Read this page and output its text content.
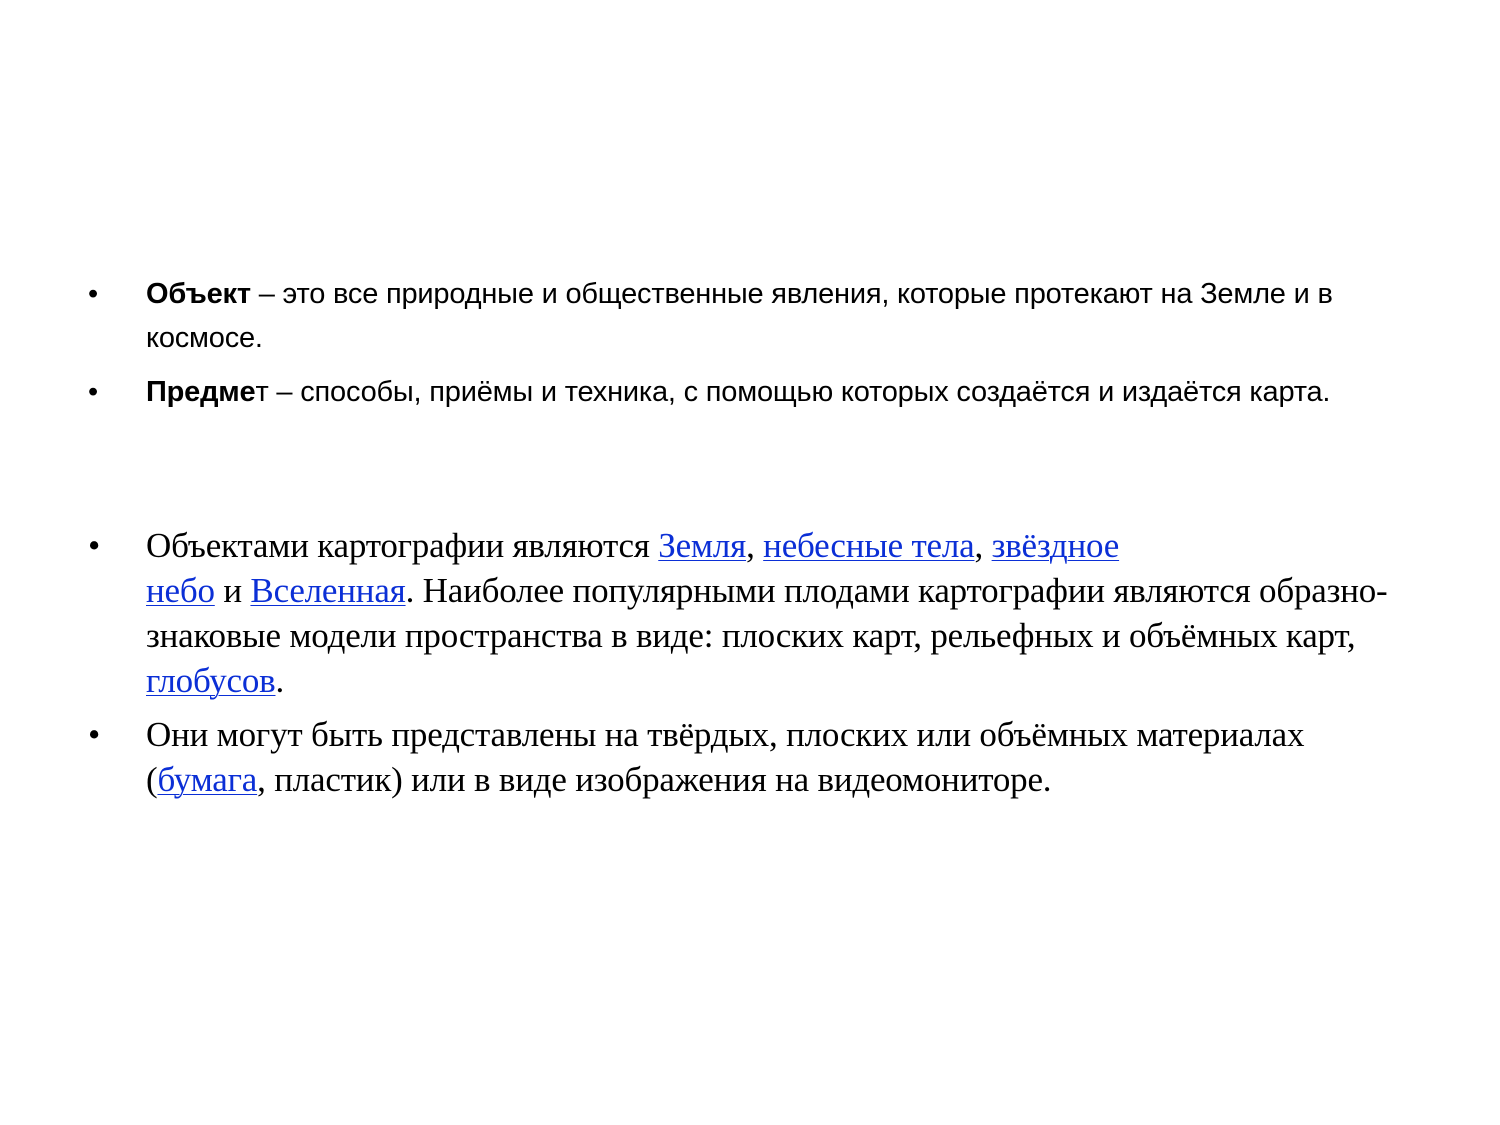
•	Объект – это все природные и общественные явления, которые протекают на Земле и в космосе.
•	Предмет – способы, приёмы и техника, с помощью которых создаётся и издаётся карта.
•	Объектами картографии являются Земля, небесные тела, звёздное
небо и Вселенная. Наиболее популярными плодами картографии являются образно-знаковые модели пространства в виде: плоских карт, рельефных и объёмных карт, глобусов.
•	Они могут быть представлены на твёрдых, плоских или объёмных материалах (бумага, пластик) или в виде изображения на видеомониторе.
